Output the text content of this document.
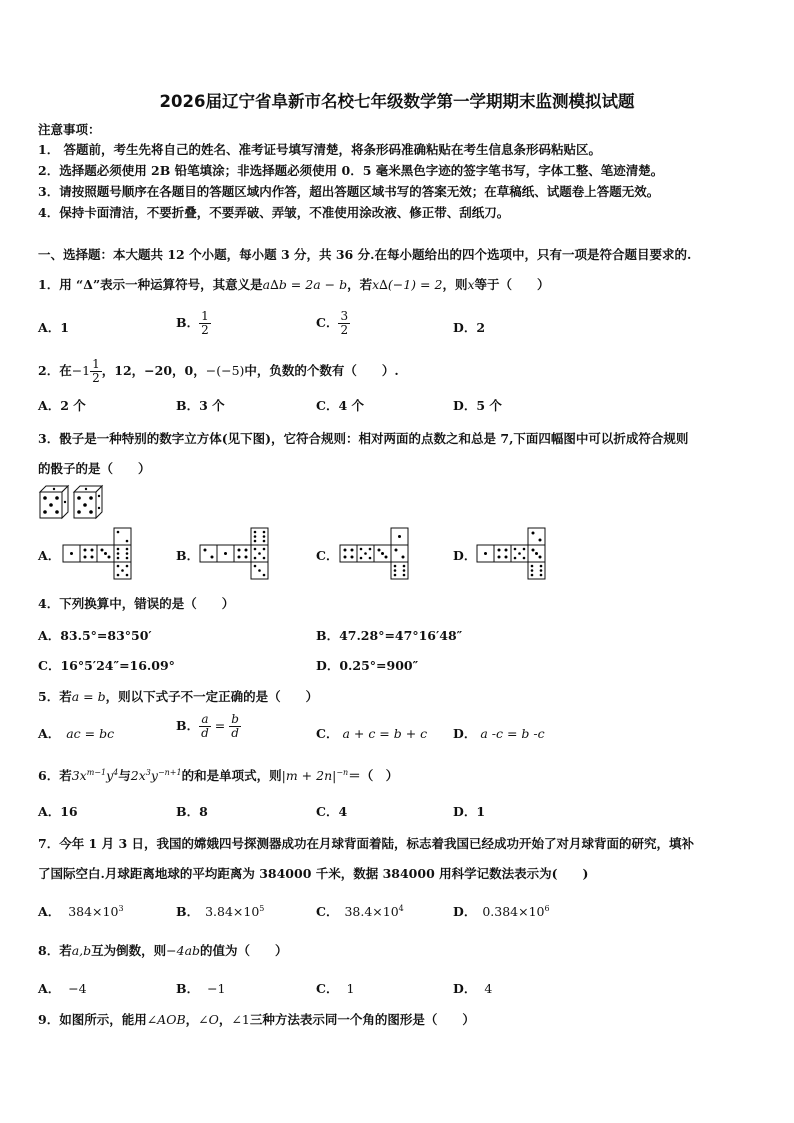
2026届辽宁省阜新市名校七年级数学第一学期期末监测模拟试题
注意事项：
1． 答题前，考生先将自己的姓名、准考证号填写清楚，将条形码准确粘贴在考生信息条形码粘贴区。
2．选择题必须使用 2B 铅笔填涂；非选择题必须使用 0．5 毫米黑色字迹的签字笔书写，字体工整、笔迹清楚。
3．请按照题号顺序在各题目的答题区域内作答，超出答题区域书写的答案无效；在草稿纸、试题卷上答题无效。
4．保持卡面清洁，不要折叠，不要弄破、弄皱，不准使用涂改液、修正带、刮纸刀。
一、选择题：本大题共 12 个小题，每小题 3 分，共 36 分.在每小题给出的四个选项中，只有一项是符合题目要求的.
1．用 “Δ”表示一种运算符号，其意义是a∆b = 2a − b，若x∆(−1) = 2，则x等于（　　）
A．1	B． $\frac{1}{2}$	C． $\frac{3}{2}$	D．2
2．在$-1 \frac{1}{2}$ ，12，−20，0，−(−5)中，负数的个数有（　　）.
A．2 个	B．3 个	C．4 个	D．5 个
3．骰子是一种特别的数字立方体(见下图)，它符合规则：相对两面的点数之和总是 7,下面四幅图中可以折成符合规则
的骰子的是（　　）
A．	B．	C．	D．
4．下列换算中，错误的是（　　）
A．83.5°=83°50′	B．47.28°=47°16′48″
C．16°5′24″=16.09°	D．0.25°=900″
5．若a = b，则以下式子不一定正确的是（　　）
A． ac = bc
B． $\frac{a}{d} = \frac{b}{d}$	C． a + c = b + c D． a -c = b -c
6．若$3x^{m-1}y^4$与$2x^3y^{-n+1}$的和是单项式，则$|m + 2n|^{-n}=$（　）
A．16	B．8	C．4	D．1
7．今年 1 月 3 日，我国的嫦娥四号探测器成功在月球背面着陆，标志着我国已经成功开始了对月球背面的研究，填补
了国际空白.月球距离地球的平均距离为 384000 千米，数据 384000 用科学记数法表示为(　　)
A． $384\times 10^3$	B． $3.84\times 10^5$	C． $38.4\times 10^4$	D． $0.384\times 10^6$
8．若a,b互为倒数，则−4ab的值为（　　）
A． −4	B． −1	C． 1	D． 4
9．如图所示，能用∠AOB，∠O，∠1三种方法表示同一个角的图形是（　　）
